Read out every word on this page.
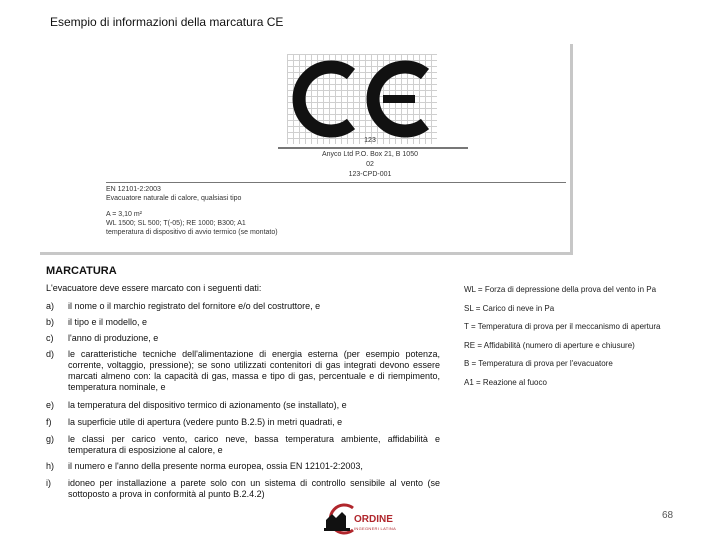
Esempio di informazioni della marcatura CE
123
Anyco Ltd P.O. Box 21, B 1050
02
123-CPD-001
EN 12101-2:2003
Evacuatore naturale di calore, qualsiasi tipo
A = 3,10 m²
WL 1500; SL 500; T(-05); RE 1000; B300; A1
temperatura di dispositivo di avvio termico (se montato)
MARCATURA
L'evacuatore deve essere marcato con i seguenti dati:
a) il nome o il marchio registrato del fornitore e/o del costruttore, e
b) il tipo e il modello, e
c) l'anno di produzione, e
d) le caratteristiche tecniche dell'alimentazione di energia esterna (per esempio potenza, corrente, voltaggio, pressione); se sono utilizzati contenitori di gas integrati devono essere marcati almeno con: la capacità di gas, massa e tipo di gas, percentuale e di riempimento, temperatura nominale, e
e) la temperatura del dispositivo termico di azionamento (se installato), e
f) la superficie utile di apertura (vedere punto B.2.5) in metri quadrati, e
g) le classi per carico vento, carico neve, bassa temperatura ambiente, affidabilità e temperatura di esposizione al calore, e
h) il numero e l'anno della presente norma europea, ossia EN 12101-2:2003,
i) idoneo per installazione a parete solo con un sistema di controllo sensibile al vento (se sottoposto a prova in conformità al punto B.2.4.2)
WL = Forza di depressione della prova del vento in Pa
SL = Carico di neve in Pa
T = Temperatura di prova per il meccanismo di apertura
RE = Affidabilità (numero di aperture e chiusure)
B = Temperatura di prova per l'evacuatore
A1 = Reazione al fuoco
ORDINE
INGEGNERI LATINA
68
